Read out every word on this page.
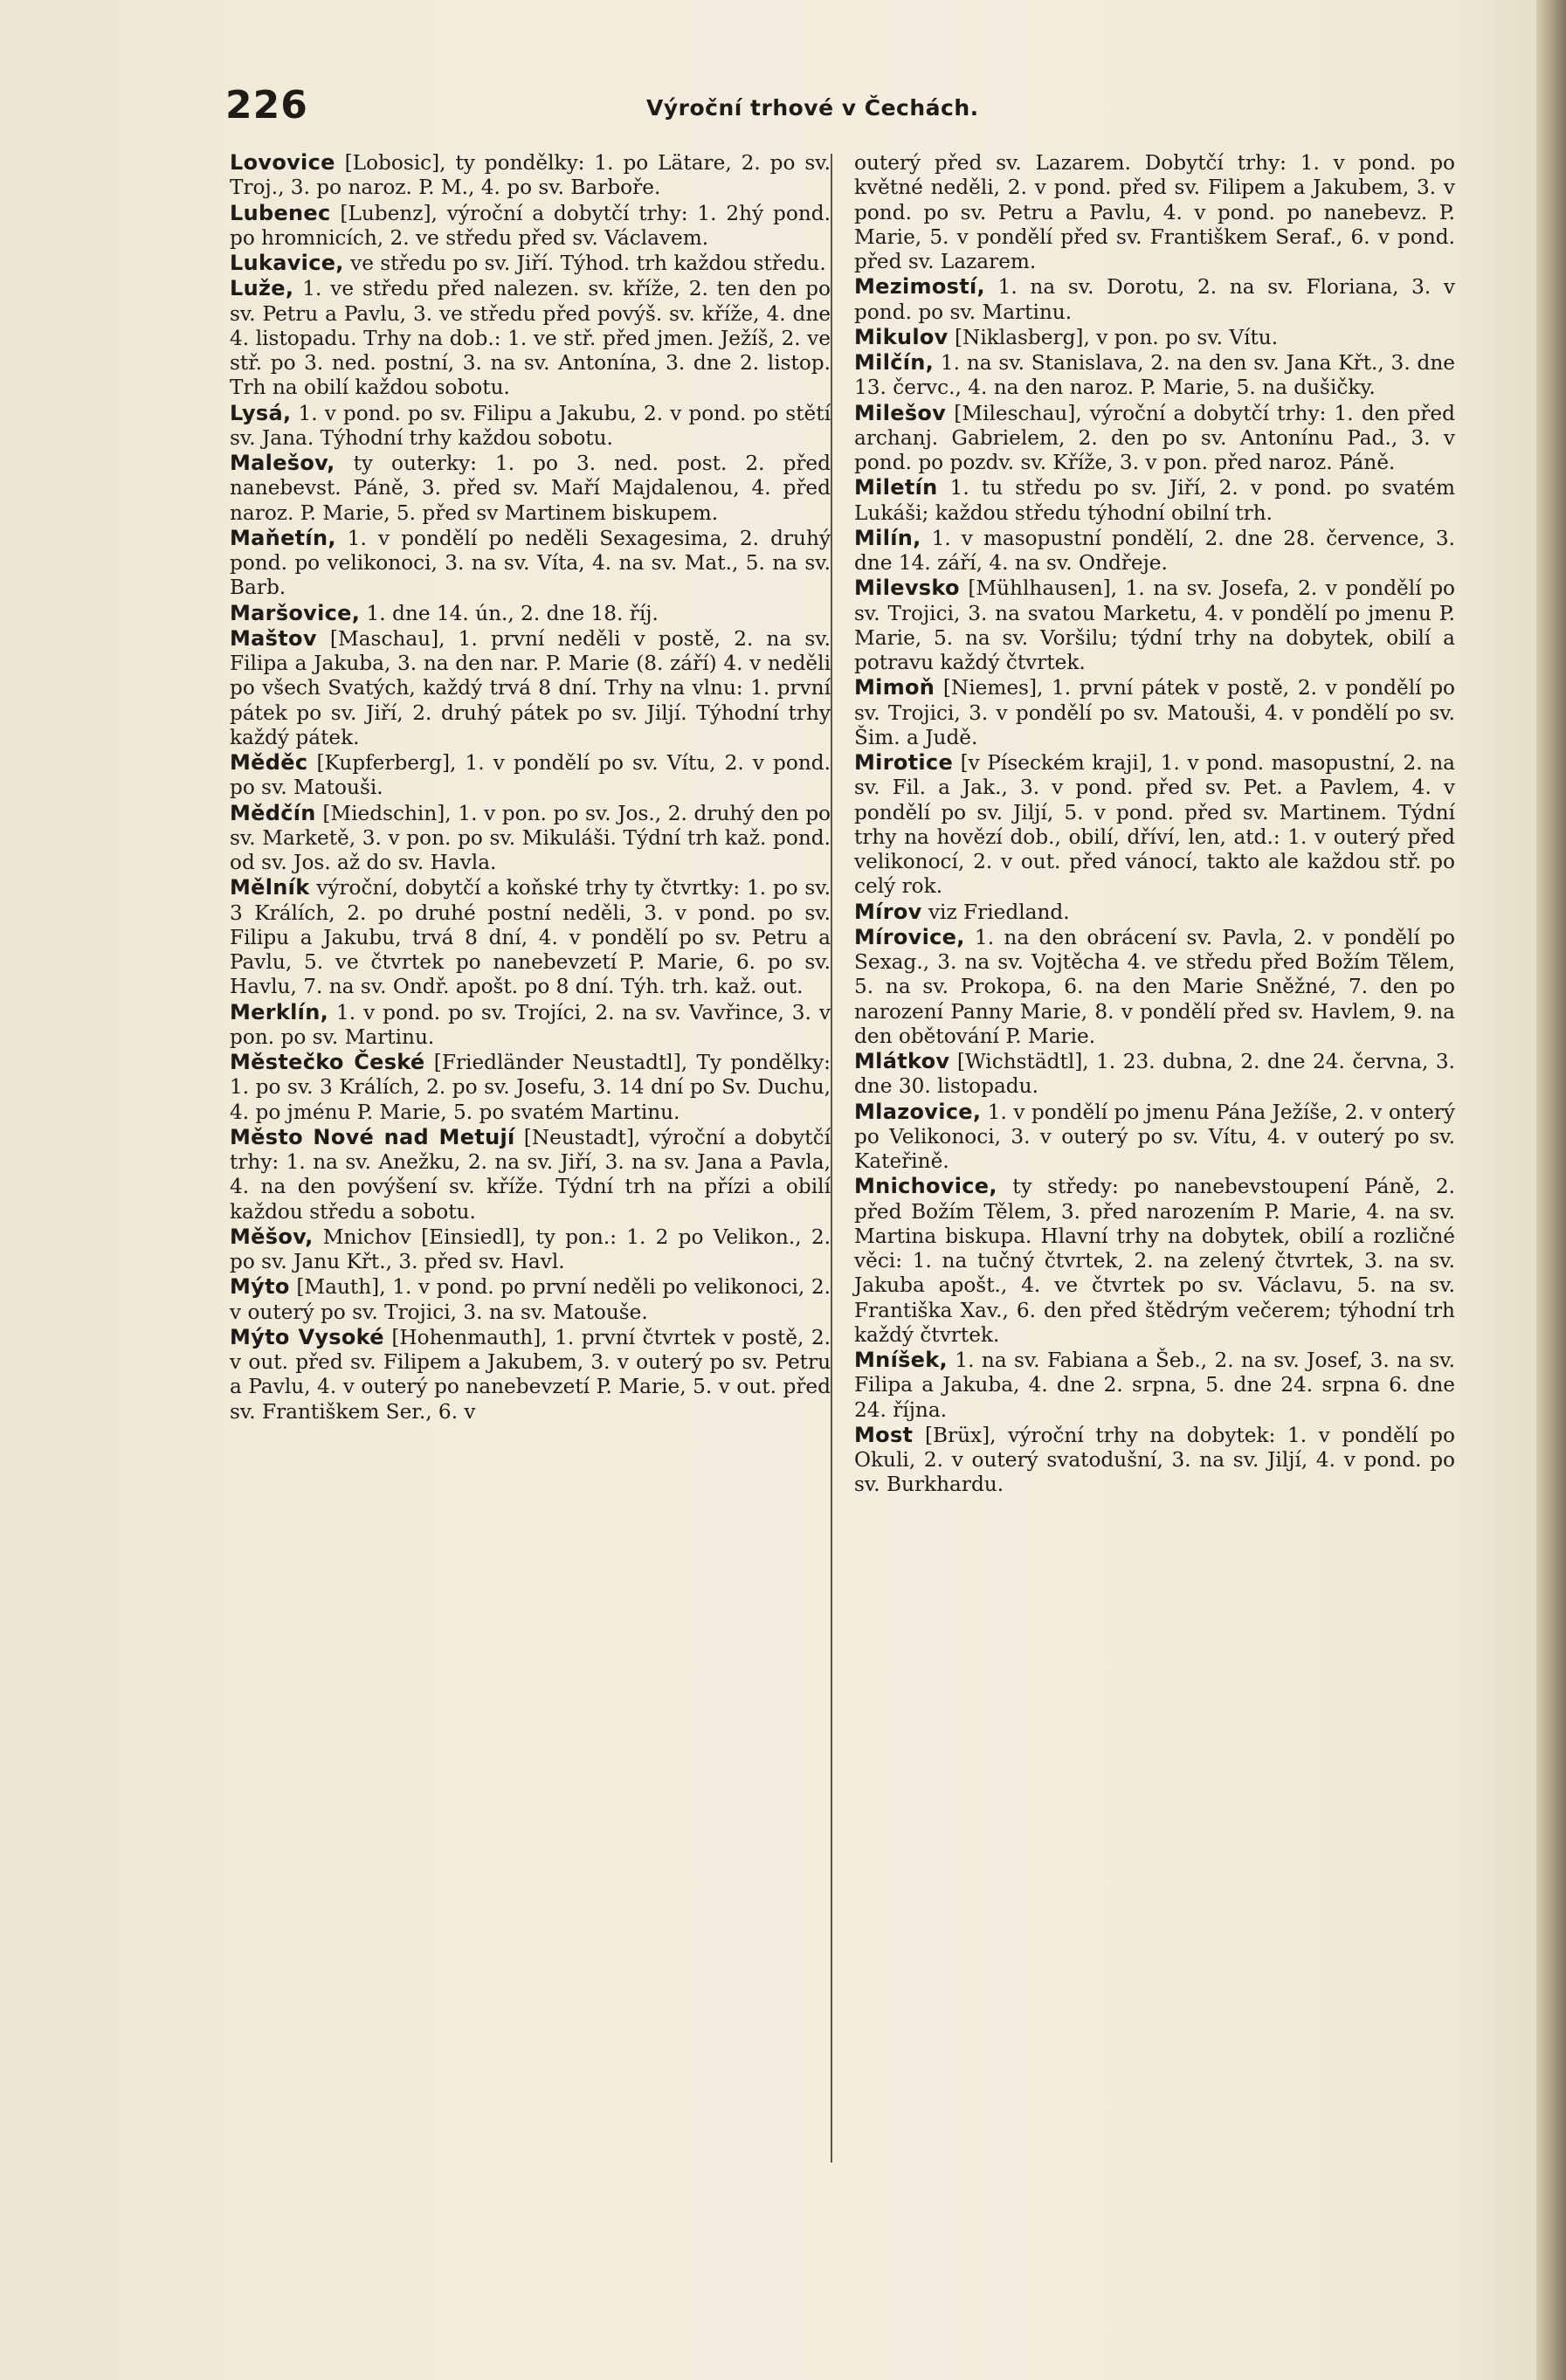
226	Výroční trhové v Čechách.

Lovovice [Lobosic], ty pondělky: 1. po Lätare, 2. po sv. Troj., 3. po naroz. P. M., 4. po sv. Barboře.

Lubenec [Lubenz], výroční a dobytčí trhy: 1. 2hý pond. po hromnicích, 2. ve středu před sv. Václavem.

Lukavice, ve středu po sv. Jiří. Týhod. trh každou středu.

Luže, 1. ve středu před nalezen. sv. kříže, 2. ten den po sv. Petru a Pavlu, 3. ve středu před povýš. sv. kříže, 4. dne 4. listopadu. Trhy na dob.: 1. ve stř. před jmen. Ježíš, 2. ve stř. po 3. ned. postní, 3. na sv. Antonína, 3. dne 2. listop. Trh na obilí každou sobotu.

Lysá, 1. v pond. po sv. Filipu a Jakubu, 2. v pond. po stětí sv. Jana. Týhodní trhy každou sobotu.

Malešov, ty outerky: 1. po 3. ned. post. 2. před nanebevst. Páně, 3. před sv. Maří Majdalenou, 4. před naroz. P. Marie, 5. před sv Martinem biskupem.

Maňetín, 1. v pondělí po neděli Sexagesima, 2. druhý pond. po velikonoci, 3. na sv. Víta, 4. na sv. Mat., 5. na sv. Barb.

Maršovice, 1. dne 14. ún., 2. dne 18. říj.

Maštov [Maschau], 1. první neděli v postě, 2. na sv. Filipa a Jakuba, 3. na den nar. P. Marie (8. září) 4. v neděli po všech Svatých, každý trvá 8 dní. Trhy na vlnu: 1. první pátek po sv. Jiří, 2. druhý pátek po sv. Jiljí. Týhodní trhy každý pátek.

Měděc [Kupferberg], 1. v pondělí po sv. Vítu, 2. v pond. po sv. Matouši.

Mědčín [Miedschin], 1. v pon. po sv. Jos., 2. druhý den po sv. Marketě, 3. v pon. po sv. Mikuláši. Týdní trh kaž. pond. od sv. Jos. až do sv. Havla.

Mělník výroční, dobytčí a koňské trhy ty čtvrtky: 1. po sv. 3 Králích, 2. po druhé postní neděli, 3. v pond. po sv. Filipu a Jakubu, trvá 8 dní, 4. v pondělí po sv. Petru a Pavlu, 5. ve čtvrtek po nanebevzetí P. Marie, 6. po sv. Havlu, 7. na sv. Ondř. apošt. po 8 dní. Týh. trh. kaž. out.

Merklín, 1. v pond. po sv. Trojíci, 2. na sv. Vavřince, 3. v pon. po sv. Martinu.

Městečko České [Friedländer Neustadtl], Ty pondělky: 1. po sv. 3 Králích, 2. po sv. Josefu, 3. 14 dní po Sv. Duchu, 4. po jménu P. Marie, 5. po svatém Martinu.

Město Nové nad Metují [Neustadt], výroční a dobytčí trhy: 1. na sv. Anežku, 2. na sv. Jiří, 3. na sv. Jana a Pavla, 4. na den povýšení sv. kříže. Týdní trh na přízi a obilí každou středu a sobotu.

Měšov, Mnichov [Einsiedl], ty pon.: 1. 2 po Velikon., 2. po sv. Janu Křt., 3. před sv. Havl.

Mýto [Mauth], 1. v pond. po první neděli po velikonoci, 2. v outerý po sv. Trojici, 3. na sv. Matouše.

Mýto Vysoké [Hohenmauth], 1. první čtvrtek v postě, 2. v out. před sv. Filipem a Jakubem, 3. v outerý po sv. Petru a Pavlu, 4. v outerý po nanebevzetí P. Marie, 5. v out. před sv. Františkem Ser., 6. v

outerý před sv. Lazarem. Dobytčí trhy: 1. v pond. po květné neděli, 2. v pond. před sv. Filipem a Jakubem, 3. v pond. po sv. Petru a Pavlu, 4. v pond. po nanebevz. P. Marie, 5. v pondělí před sv. Františkem Seraf., 6. v pond. před sv. Lazarem.

Mezimostí, 1. na sv. Dorotu, 2. na sv. Floriana, 3. v pond. po sv. Martinu.

Mikulov [Niklasberg], v pon. po sv. Vítu.

Milčín, 1. na sv. Stanislava, 2. na den sv. Jana Křt., 3. dne 13. červc., 4. na den naroz. P. Marie, 5. na dušičky.

Milešov [Mileschau], výroční a dobytčí trhy: 1. den před archanj. Gabrielem, 2. den po sv. Antonínu Pad., 3. v pond. po pozdv. sv. Kříže, 3. v pon. před naroz. Páně.

Miletín 1. tu středu po sv. Jiří, 2. v pond. po svatém Lukáši; každou středu týhodní obilní trh.

Milín, 1. v masopustní pondělí, 2. dne 28. července, 3. dne 14. září, 4. na sv. Ondřeje.

Milevsko [Mühlhausen], 1. na sv. Josefa, 2. v pondělí po sv. Trojici, 3. na svatou Marketu, 4. v pondělí po jmenu P. Marie, 5. na sv. Voršilu; týdní trhy na dobytek, obilí a potravu každý čtvrtek.

Mimoň [Niemes], 1. první pátek v postě, 2. v pondělí po sv. Trojici, 3. v pondělí po sv. Matouši, 4. v pondělí po sv. Šim. a Judě.

Mirotice [v Píseckém kraji], 1. v pond. masopustní, 2. na sv. Fil. a Jak., 3. v pond. před sv. Pet. a Pavlem, 4. v pondělí po sv. Jiljí, 5. v pond. před sv. Martinem. Týdní trhy na hovězí dob., obilí, dříví, len, atd.: 1. v outerý před velikonocí, 2. v out. před vánocí, takto ale každou stř. po celý rok.

Mírov viz Friedland.

Mírovice, 1. na den obrácení sv. Pavla, 2. v pondělí po Sexag., 3. na sv. Vojtěcha 4. ve středu před Božím Tělem, 5. na sv. Prokopa, 6. na den Marie Sněžné, 7. den po narození Panny Marie, 8. v pondělí před sv. Havlem, 9. na den obětování P. Marie.

Mlátkov [Wichstädtl], 1. 23. dubna, 2. dne 24. června, 3. dne 30. listopadu.

Mlazovice, 1. v pondělí po jmenu Pána Ježíše, 2. v onterý po Velikonoci, 3. v outerý po sv. Vítu, 4. v outerý po sv. Kateřině.

Mnichovice, ty středy: po nanebevstoupení Páně, 2. před Božím Tělem, 3. před narozením P. Marie, 4. na sv. Martina biskupa. Hlavní trhy na dobytek, obilí a rozličné věci: 1. na tučný čtvrtek, 2. na zelený čtvrtek, 3. na sv. Jakuba apošt., 4. ve čtvrtek po sv. Václavu, 5. na sv. Františka Xav., 6. den před štědrým večerem; týhodní trh každý čtvrtek.

Mníšek, 1. na sv. Fabiana a Šeb., 2. na sv. Josef, 3. na sv. Filipa a Jakuba, 4. dne 2. srpna, 5. dne 24. srpna 6. dne 24. října.

Most [Brüx], výroční trhy na dobytek: 1. v pondělí po Okuli, 2. v outerý svatodušní, 3. na sv. Jiljí, 4. v pond. po sv. Burkhardu.
